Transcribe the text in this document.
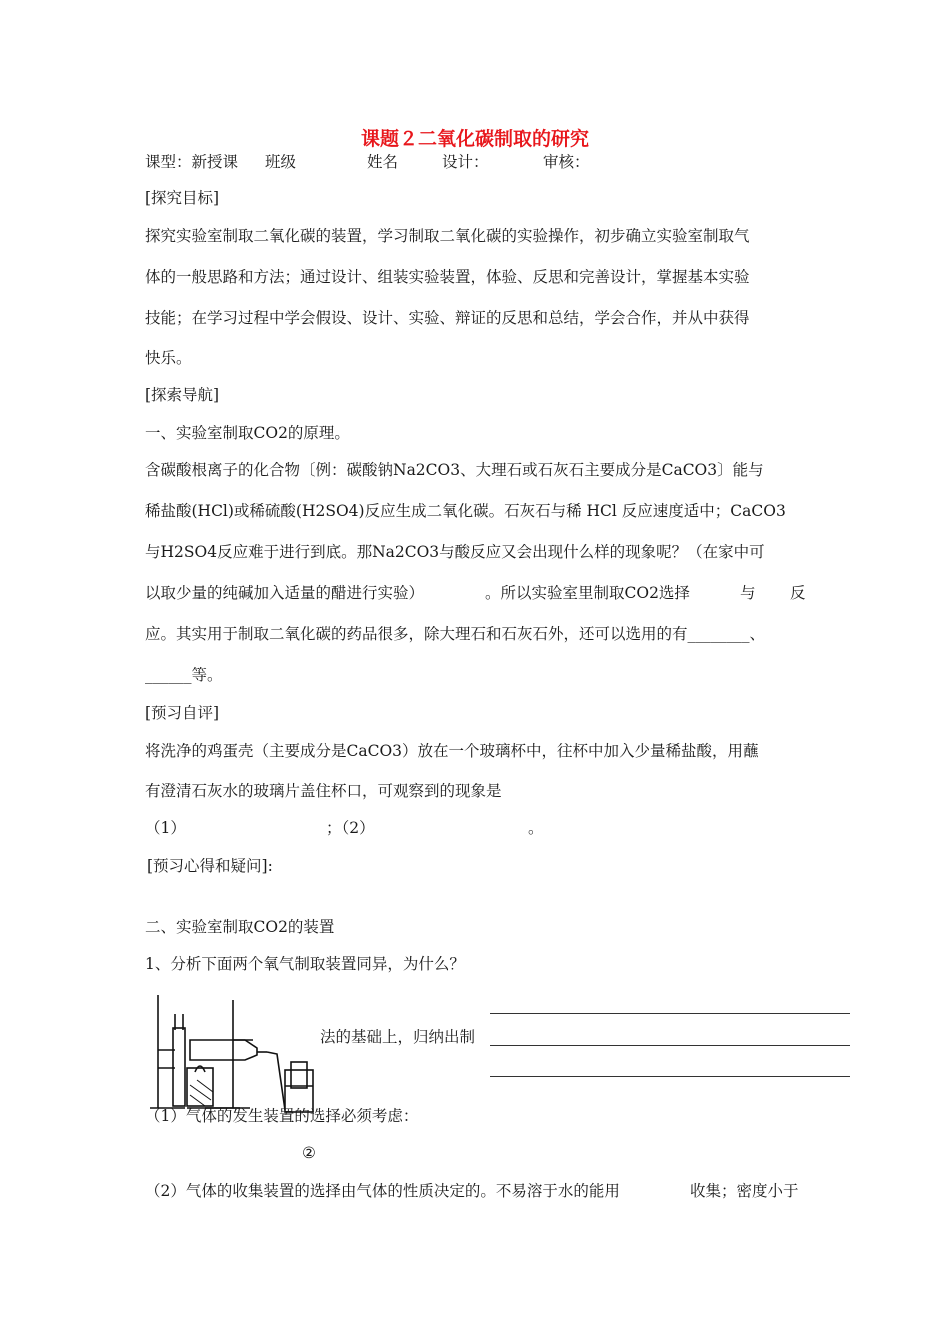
课题２二氧化碳制取的研究
课型：新授课 班级	姓名	设计：	审核：
[探究目标]
探究实验室制取二氧化碳的装置，学习制取二氧化碳的实验操作，初步确立实验室制取气
体的一般思路和方法；通过设计、组装实验装置，体验、反思和完善设计，掌握基本实验
技能；在学习过程中学会假设、设计、实验、辩证的反思和总结，学会合作，并从中获得
快乐。
[探索导航]
一、实验室制取CO2的原理。
含碳酸根离子的化合物〔例：碳酸钠Na2CO3、大理石或石灰石主要成分是CaCO3〕能与
稀盐酸(HCl)或稀硫酸(H2SO4)反应生成二氧化碳。石灰石与稀 HCl 反应速度适中；CaCO3
与H2SO4反应难于进行到底。那Na2CO3与酸反应又会出现什么样的现象呢？（在家中可
以取少量的纯碱加入适量的醋进行实验）	。所以实验室里制取CO2选择	与 反
应。其实用于制取二氧化碳的药品很多，除大理石和石灰石外，还可以选用的有________、
______等。
[预习自评]
将洗净的鸡蛋壳（主要成分是CaCO3）放在一个玻璃杯中，往杯中加入少量稀盐酸，用蘸
有澄清石灰水的玻璃片盖住杯口，可观察到的现象是
（1）	；（2）	。
[预习心得和疑问]:
二、实验室制取CO2的装置
1、分析下面两个氧气制取装置同异，为什么？
法的基础上，归纳出制
（1）气体的发生装置的选择必须考虑：
②
（2）气体的收集装置的选择由气体的性质决定的。不易溶于水的能用	收集；密度小于
